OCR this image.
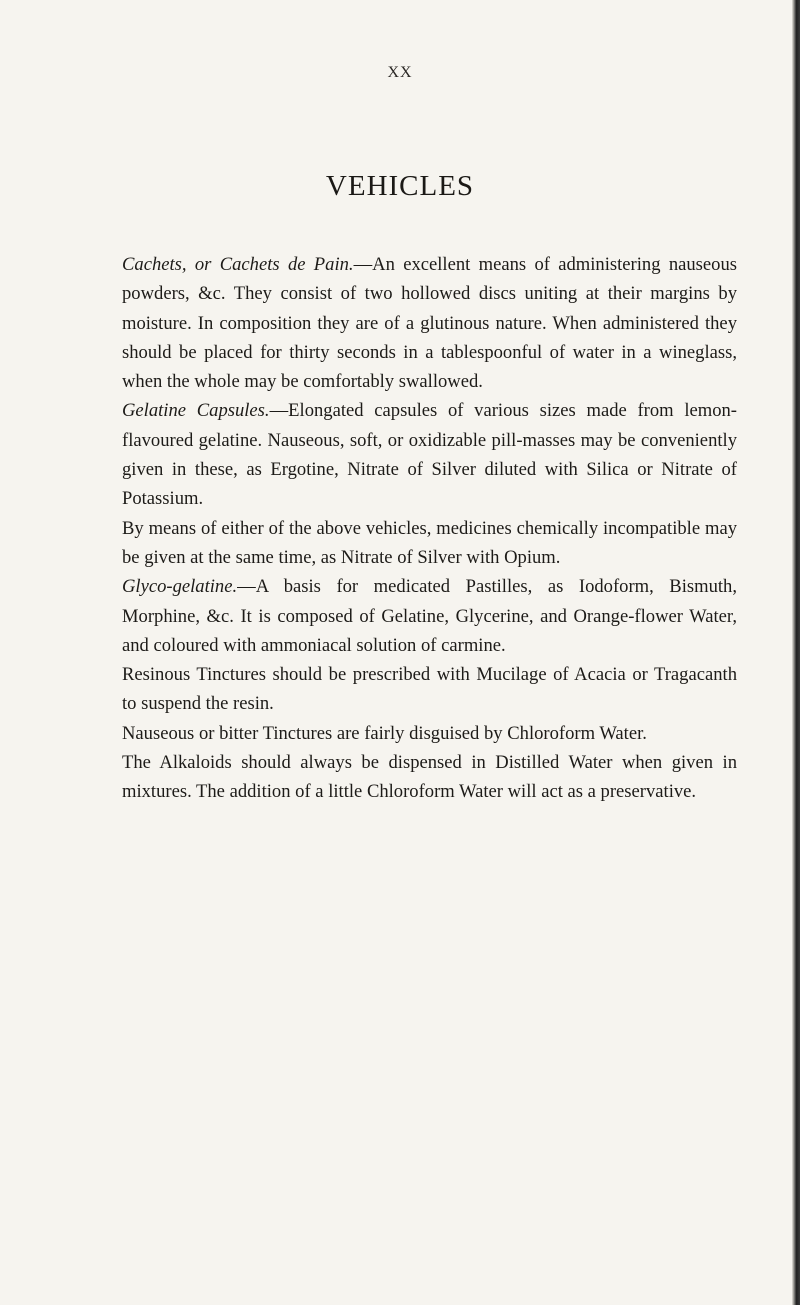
XX
VEHICLES

Cachets, or Cachets de Pain.—An excellent means of administering nauseous powders, &c. They consist of two hollowed discs uniting at their margins by moisture. In composition they are of a glutinous nature. When administered they should be placed for thirty seconds in a tablespoonful of water in a wineglass, when the whole may be comfortably swallowed.

Gelatine Capsules.—Elongated capsules of various sizes made from lemon-flavoured gelatine. Nauseous, soft, or oxidizable pill-masses may be conveniently given in these, as Ergotine, Nitrate of Silver diluted with Silica or Nitrate of Potassium.

By means of either of the above vehicles, medicines chemically incompatible may be given at the same time, as Nitrate of Silver with Opium.

Glyco-gelatine.—A basis for medicated Pastilles, as Iodoform, Bismuth, Morphine, &c. It is composed of Gelatine, Glycerine, and Orange-flower Water, and coloured with ammoniacal solution of carmine.

Resinous Tinctures should be prescribed with Mucilage of Acacia or Tragacanth to suspend the resin.

Nauseous or bitter Tinctures are fairly disguised by Chloroform Water.

The Alkaloids should always be dispensed in Distilled Water when given in mixtures. The addition of a little Chloroform Water will act as a preservative.
